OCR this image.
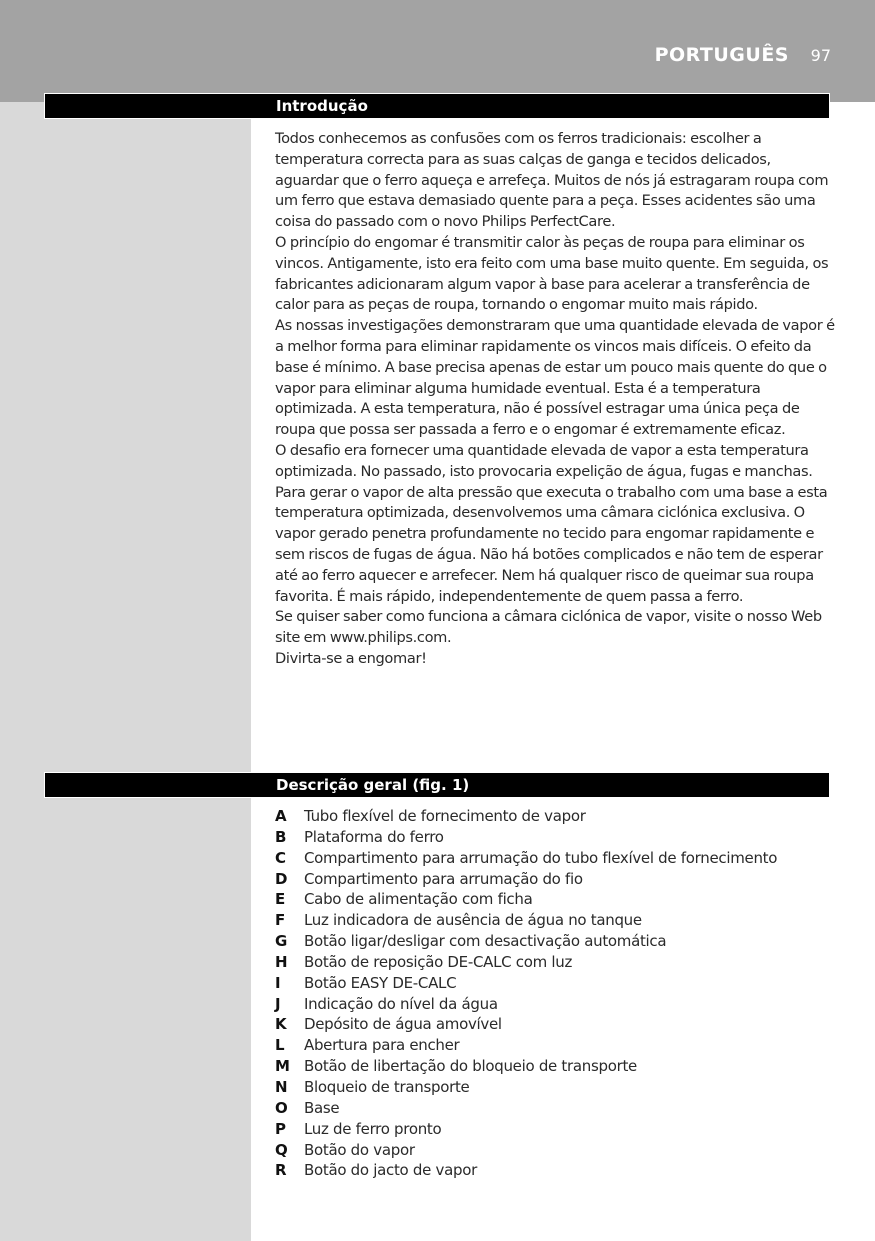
PORTUGUÊS 97
Introdução

Todos conhecemos as confusões com os ferros tradicionais: escolher a temperatura correcta para as suas calças de ganga e tecidos delicados, aguardar que o ferro aqueça e arrefeça. Muitos de nós já estragaram roupa com um ferro que estava demasiado quente para a peça. Esses acidentes são uma coisa do passado com o novo Philips PerfectCare.

O princípio do engomar é transmitir calor às peças de roupa para eliminar os vincos. Antigamente, isto era feito com uma base muito quente. Em seguida, os fabricantes adicionaram algum vapor à base para acelerar a transferência de calor para as peças de roupa, tornando o engomar muito mais rápido.

As nossas investigações demonstraram que uma quantidade elevada de vapor é a melhor forma para eliminar rapidamente os vincos mais difíceis. O efeito da base é mínimo. A base precisa apenas de estar um pouco mais quente do que o vapor para eliminar alguma humidade eventual. Esta é a temperatura optimizada. A esta temperatura, não é possível estragar uma única peça de roupa que possa ser passada a ferro e o engomar é extremamente eficaz.

O desafio era fornecer uma quantidade elevada de vapor a esta temperatura optimizada. No passado, isto provocaria expelição de água, fugas e manchas.

Para gerar o vapor de alta pressão que executa o trabalho com uma base a esta temperatura optimizada, desenvolvemos uma câmara ciclónica exclusiva. O vapor gerado penetra profundamente no tecido para engomar rapidamente e sem riscos de fugas de água. Não há botões complicados e não tem de esperar até ao ferro aquecer e arrefecer. Nem há qualquer risco de queimar sua roupa favorita. É mais rápido, independentemente de quem passa a ferro.

Se quiser saber como funciona a câmara ciclónica de vapor, visite o nosso Web site em www.philips.com.

Divirta-se a engomar!

Descrição geral (fig. 1)
A	Tubo flexível de fornecimento de vapor
B	Plataforma do ferro
C	Compartimento para arrumação do tubo flexível de fornecimento
D	Compartimento para arrumação do fio
E	Cabo de alimentação com ficha
F	Luz indicadora de ausência de água no tanque
G	Botão ligar/desligar com desactivação automática
H	Botão de reposição DE-CALC com luz
I	Botão EASY DE-CALC
J	Indicação do nível da água
K	Depósito de água amovível
L	Abertura para encher
M Botão de libertação do bloqueio de transporte
N	Bloqueio de transporte
O	Base
P	Luz de ferro pronto
Q	Botão do vapor
R	Botão do jacto de vapor
